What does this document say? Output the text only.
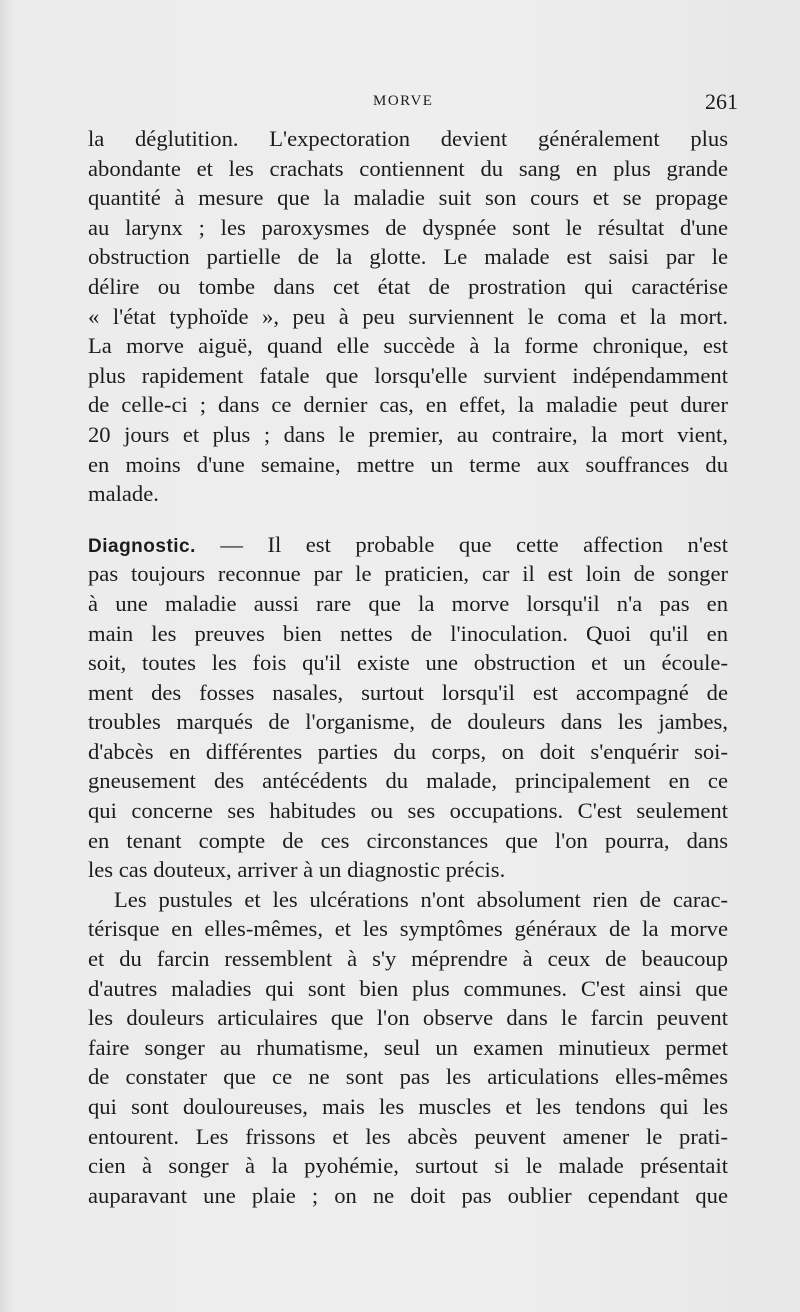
MORVE	261
la déglutition. L'expectoration devient généralement plus
abondante et les crachats contiennent du sang en plus grande
quantité à mesure que la maladie suit son cours et se propage
au larynx ; les paroxysmes de dyspnée sont le résultat d'une
obstruction partielle de la glotte. Le malade est saisi par le
délire ou tombe dans cet état de prostration qui caractérise
« l'état typhoïde », peu à peu surviennent le coma et la mort.
La morve aiguë, quand elle succède à la forme chronique, est
plus rapidement fatale que lorsqu'elle survient indépendamment
de celle-ci ; dans ce dernier cas, en effet, la maladie peut durer
20 jours et plus ; dans le premier, au contraire, la mort vient,
en moins d'une semaine, mettre un terme aux souffrances du
malade.
Diagnostic. — Il est probable que cette affection n'est
pas toujours reconnue par le praticien, car il est loin de songer
à une maladie aussi rare que la morve lorsqu'il n'a pas en
main les preuves bien nettes de l'inoculation. Quoi qu'il en
soit, toutes les fois qu'il existe une obstruction et un écoule-
ment des fosses nasales, surtout lorsqu'il est accompagné de
troubles marqués de l'organisme, de douleurs dans les jambes,
d'abcès en différentes parties du corps, on doit s'enquérir soi-
gneusement des antécédents du malade, principalement en ce
qui concerne ses habitudes ou ses occupations. C'est seulement
en tenant compte de ces circonstances que l'on pourra, dans
les cas douteux, arriver à un diagnostic précis.
Les pustules et les ulcérations n'ont absolument rien de carac-
térisque en elles-mêmes, et les symptômes généraux de la morve
et du farcin ressemblent à s'y méprendre à ceux de beaucoup
d'autres maladies qui sont bien plus communes. C'est ainsi que
les douleurs articulaires que l'on observe dans le farcin peuvent
faire songer au rhumatisme, seul un examen minutieux permet
de constater que ce ne sont pas les articulations elles-mêmes
qui sont douloureuses, mais les muscles et les tendons qui les
entourent. Les frissons et les abcès peuvent amener le prati-
cien à songer à la pyohémie, surtout si le malade présentait
auparavant une plaie ; on ne doit pas oublier cependant que
